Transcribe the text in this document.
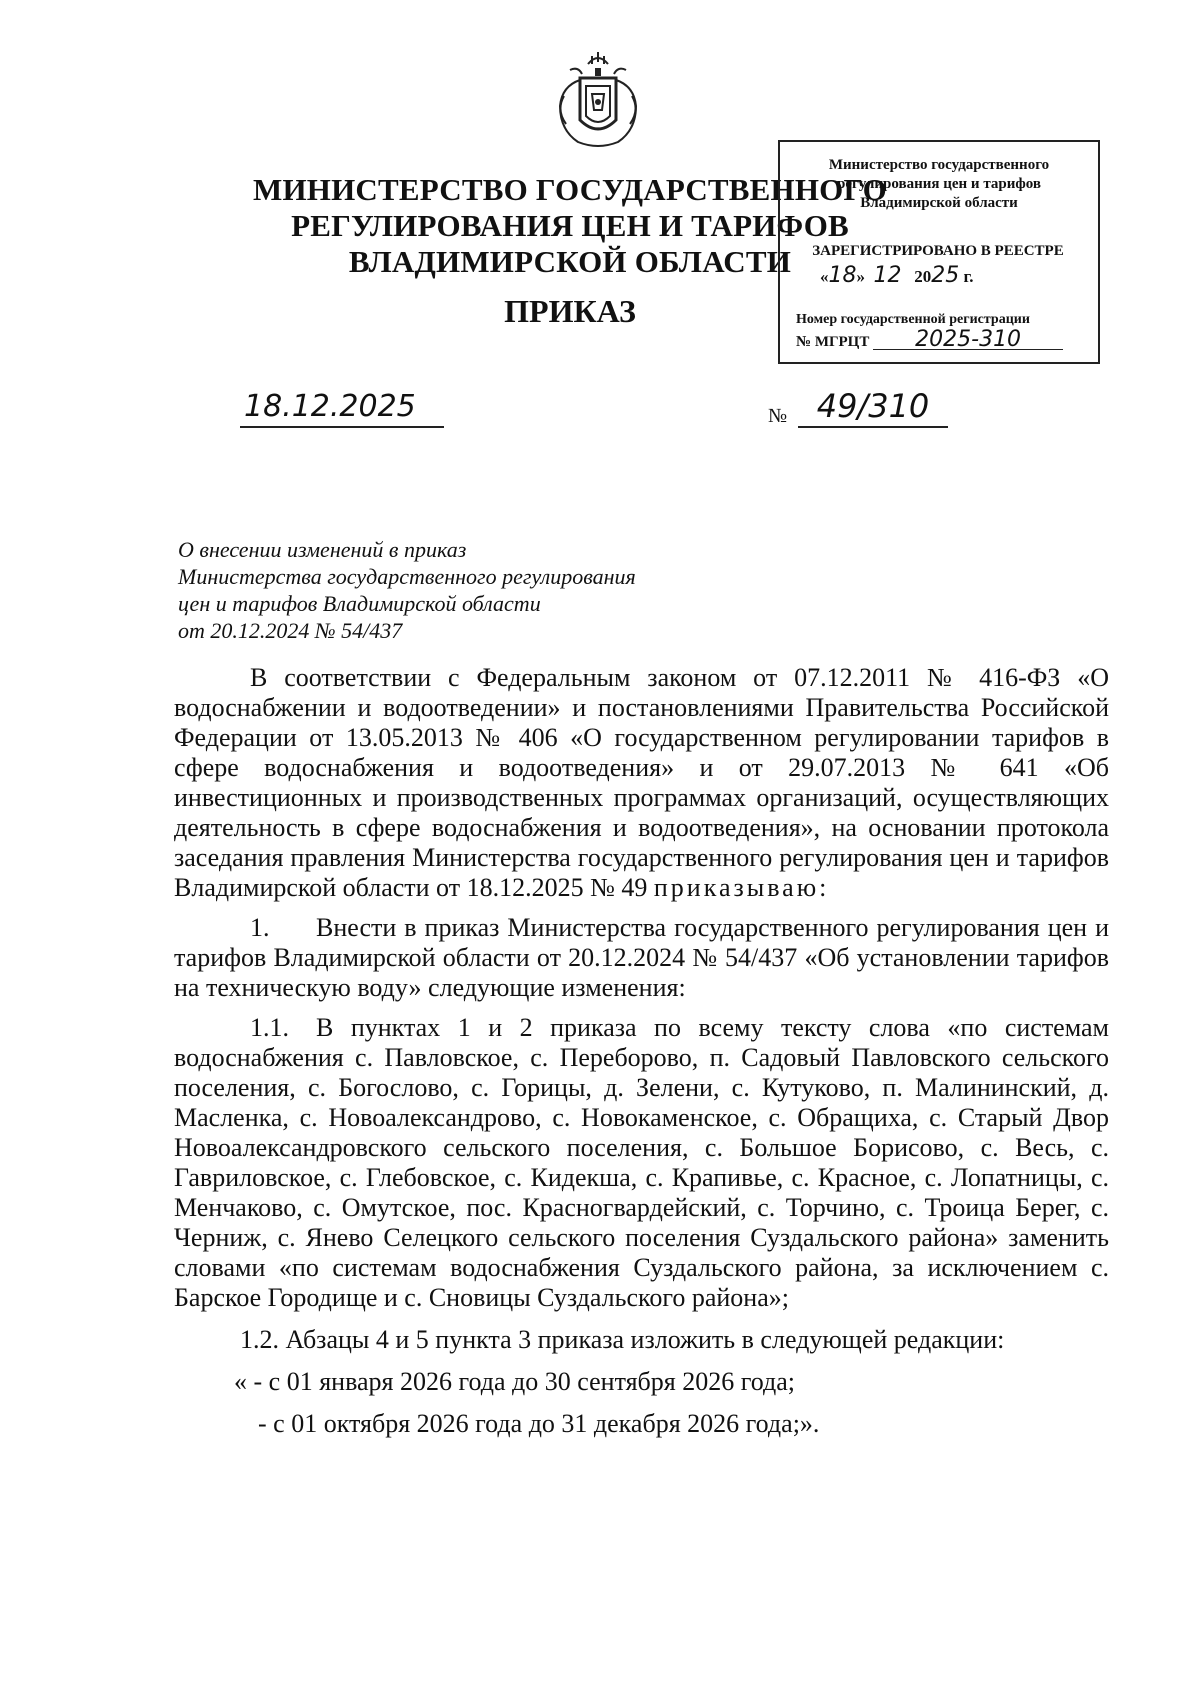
МИНИСТЕРСТВО ГОСУДАРСТВЕННОГО
РЕГУЛИРОВАНИЯ ЦЕН И ТАРИФОВ
ВЛАДИМИРСКОЙ ОБЛАСТИ
ПРИКАЗ
Министерство государственного
регулирования цен и тарифов
Владимирской области
ЗАРЕГИСТРИРОВАНО В РЕЕСТРЕ
«18»  12 2025 г.
Номер государственной регистрации
№ МГРЦТ 2025-310
18.12.2025	№ 49/310
О внесении изменений в приказ
Министерства государственного регулирования
цен и тарифов Владимирской области
от 20.12.2024 № 54/437

В соответствии с Федеральным законом от 07.12.2011 № 416-ФЗ «О водоснабжении и водоотведении» и постановлениями Правительства Российской Федерации от 13.05.2013 № 406 «О государственном регулировании тарифов в сфере водоснабжения и водоотведения» и от 29.07.2013 № 641 «Об инвестиционных и производственных программах организаций, осуществляющих деятельность в сфере водоснабжения и водоотведения», на основании протокола заседания правления Министерства государственного регулирования цен и тарифов Владимирской области от 18.12.2025 № 49 приказываю:

1. Внести в приказ Министерства государственного регулирования цен и тарифов Владимирской области от 20.12.2024 № 54/437 «Об установлении тарифов на техническую воду» следующие изменения:

1.1. В пунктах 1 и 2 приказа по всему тексту слова «по системам водоснабжения с. Павловское, с. Переборово, п. Садовый Павловского сельского поселения, с. Богослово, с. Горицы, д. Зелени, с. Кутуково, п. Малининский, д. Масленка, с. Новоалександрово, с. Новокаменское, с. Обращиха, с. Старый Двор Новоалександровского сельского поселения, с. Большое Борисово, с. Весь, с. Гавриловское, с. Глебовское, с. Кидекша, с. Крапивье, с. Красное, с. Лопатницы, с. Менчаково, с. Омутское, пос. Красногвардейский, с. Торчино, с. Троица Берег, с. Черниж, с. Янево Селецкого сельского поселения Суздальского района» заменить словами «по системам водоснабжения Суздальского района, за исключением с. Барское Городище и с. Сновицы Суздальского района»;

1.2. Абзацы 4 и 5 пункта 3 приказа изложить в следующей редакции:

« - с 01 января 2026 года до 30 сентября 2026 года;

- с 01 октября 2026 года до 31 декабря 2026 года;».
